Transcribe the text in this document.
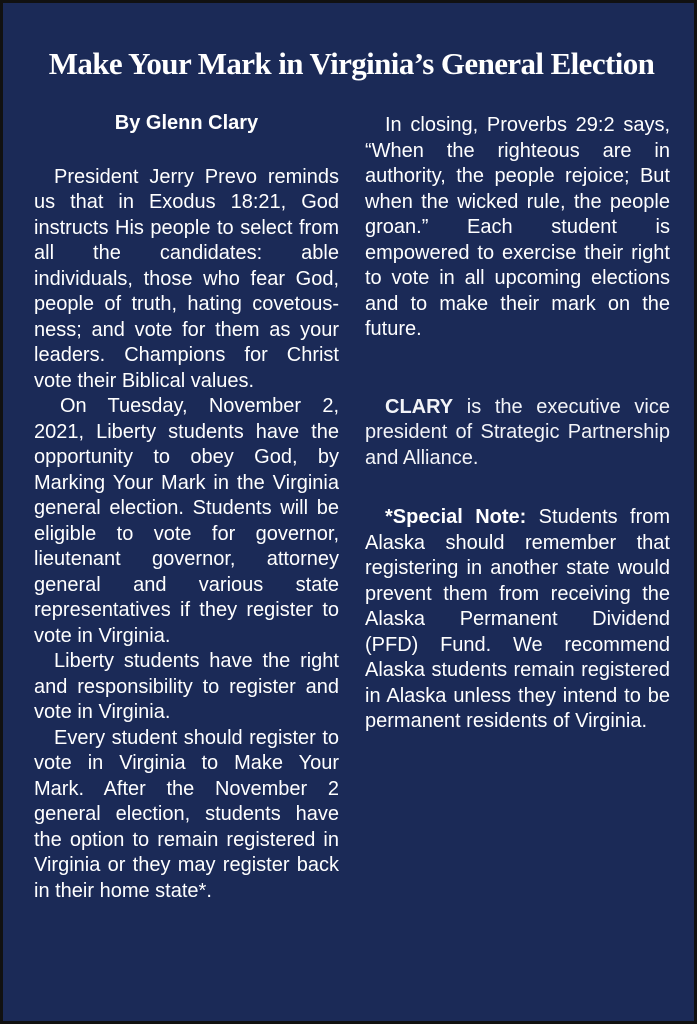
Make Your Mark in Virginia’s General Election

By Glenn Clary

President Jerry Prevo reminds us that in Exodus 18:21, God instructs His people to select from all the candidates: able individuals, those who fear God, people of truth, hating covetousness; and vote for them as your leaders. Champions for Christ vote their Biblical values.

On Tuesday, November 2, 2021, Liberty students have the opportunity to obey God, by Marking Your Mark in the Virginia general election. Students will be eligible to vote for governor, lieutenant governor, attorney general and various state representatives if they register to vote in Virginia.

Liberty students have the right and responsibility to register and vote in Virginia.

Every student should register to vote in Virginia to Make Your Mark. After the November 2 general election, students have the option to remain registered in Virginia or they may register back in their home state*.

In closing, Proverbs 29:2 says, “When the righteous are in authority, the people rejoice; But when the wicked rule, the people groan.” Each student is empowered to exercise their right to vote in all upcoming elections and to make their mark on the future.

CLARY is the executive vice president of Strategic Partnership and Alliance.

*Special Note: Students from Alaska should remember that registering in another state would prevent them from receiving the Alaska Permanent Dividend (PFD) Fund. We recommend Alaska students remain registered in Alaska unless they intend to be permanent residents of Virginia.
